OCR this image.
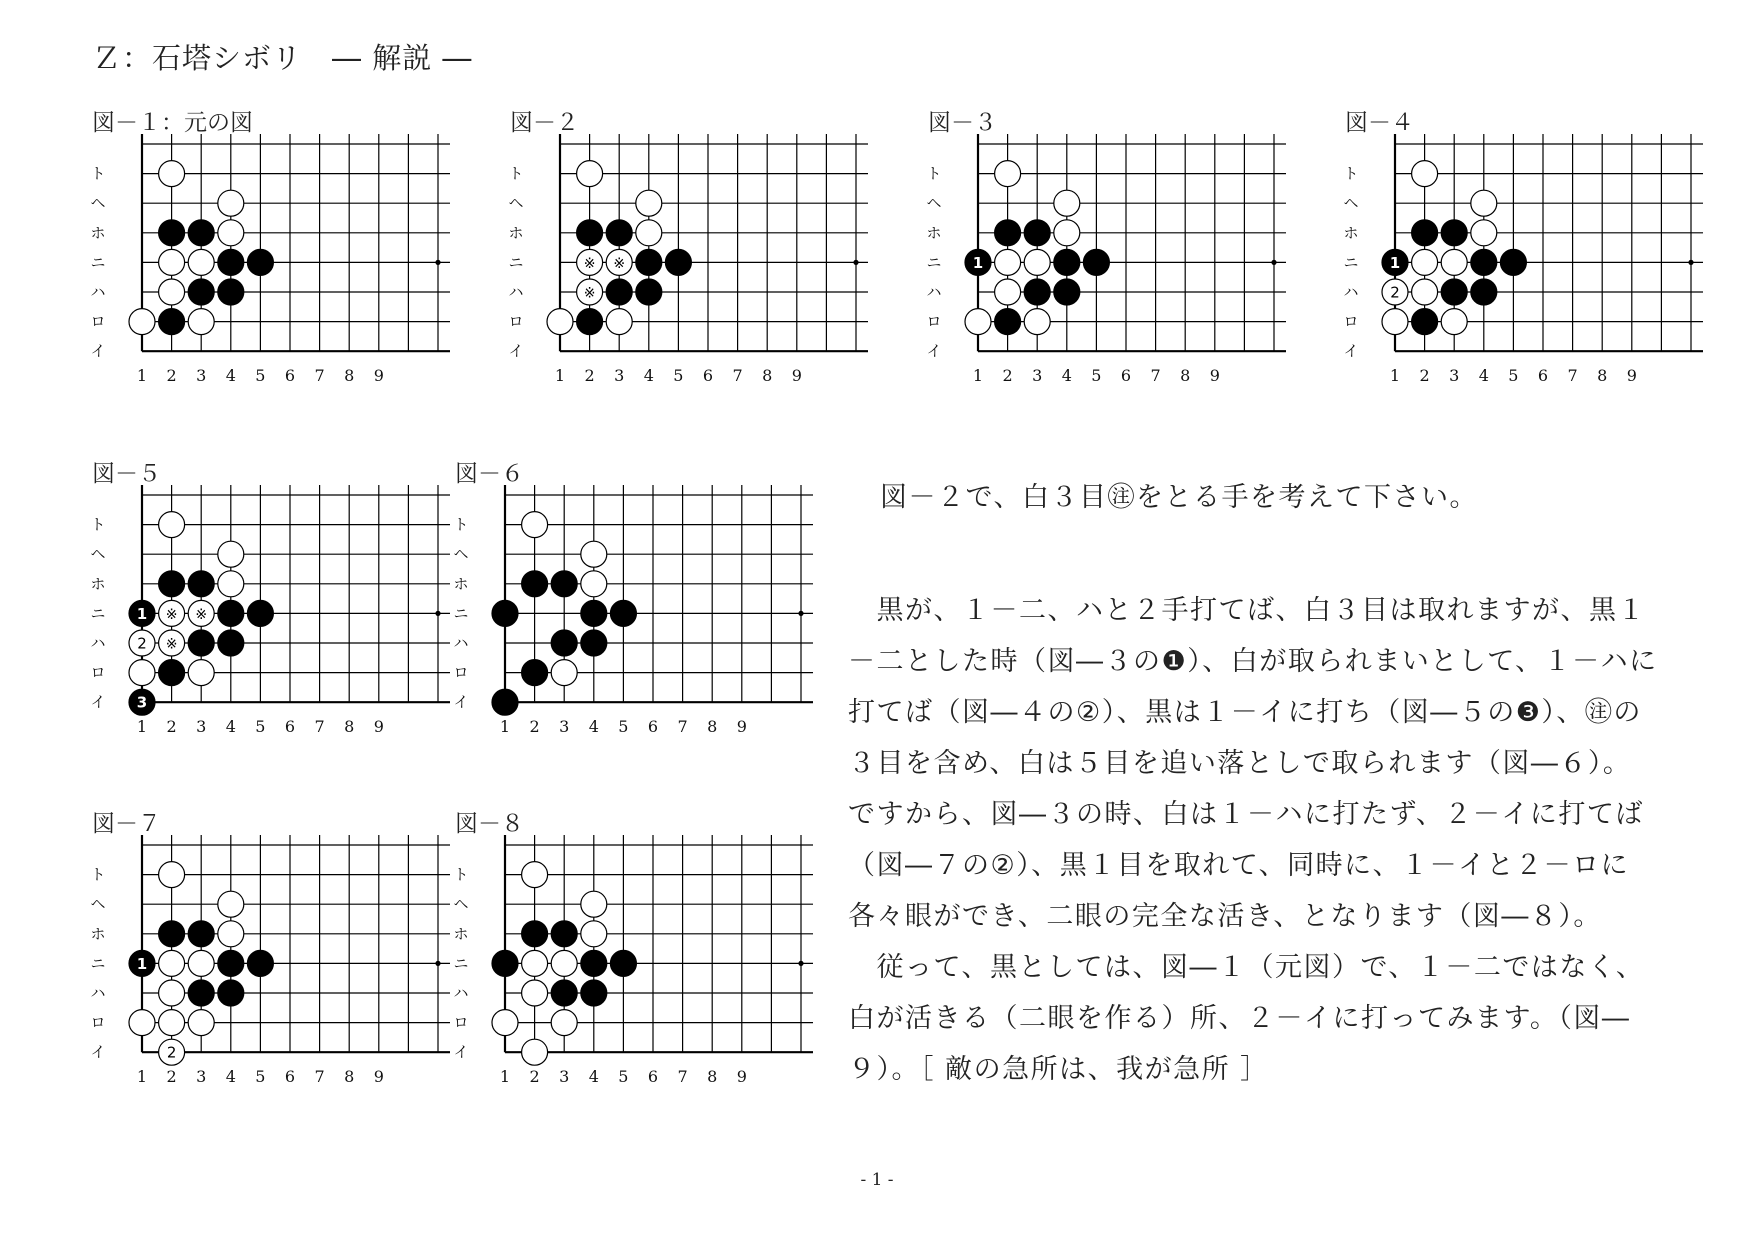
Ｚ：石塔シボリ　― 解説 ―
図－１：元の図
ト
ヘ
ホ
ニ
ハ
ロ
イ
1 2 3 4 5 6 7 8 9
図－２
ト
ヘ
ホ
ニ
ハ
ロ
イ
1 2 3 4 5 6 7 8 9
※ ※
※
図－３
ト
ヘ
ホ
ニ
ハ
ロ
イ
1 2 3 4 5 6 7 8 9
1
図－４
ト
ヘ
ホ
ニ
ハ
ロ
イ
1 2 3 4 5 6 7 8 9
1
2
図－５
ト
ヘ
ホ
ニ
ハ
ロ
イ
1 2 3 4 5 6 7 8 9
1 ※ ※
2 ※
3
図－６
ト
ヘ
ホ
ニ
ハ
ロ
イ
1 2 3 4 5 6 7 8 9
図－７
ト
ヘ
ホ
ニ
ハ
ロ
イ
1 2 3 4 5 6 7 8 9
1
2
図－８
ト
ヘ
ホ
ニ
ハ
ロ
イ
1 2 3 4 5 6 7 8 9
図－２で、白３目㊟をとる手を考えて下さい。
　黒が、１－二、ハと２手打てば、白３目は取れますが、黒１
－二とした時（図―３の❶）、白が取られまいとして、１－ハに
打てば（図―４の②）、黒は１－イに打ち（図―５の❸）、㊟の
３目を含め、白は５目を追い落としで取られます（図―６）。
ですから、図―３の時、白は１－ハに打たず、２－イに打てば
（図―７の②）、黒１目を取れて、同時に、１－イと２－ロに
各々眼ができ、二眼の完全な活き、となります（図―８）。
　従って、黒としては、図―１（元図）で、１－二ではなく、
白が活きる（二眼を作る）所、２－イに打ってみます。（図―
９）。［ 敵の急所は、我が急所 ］
- 1 -
